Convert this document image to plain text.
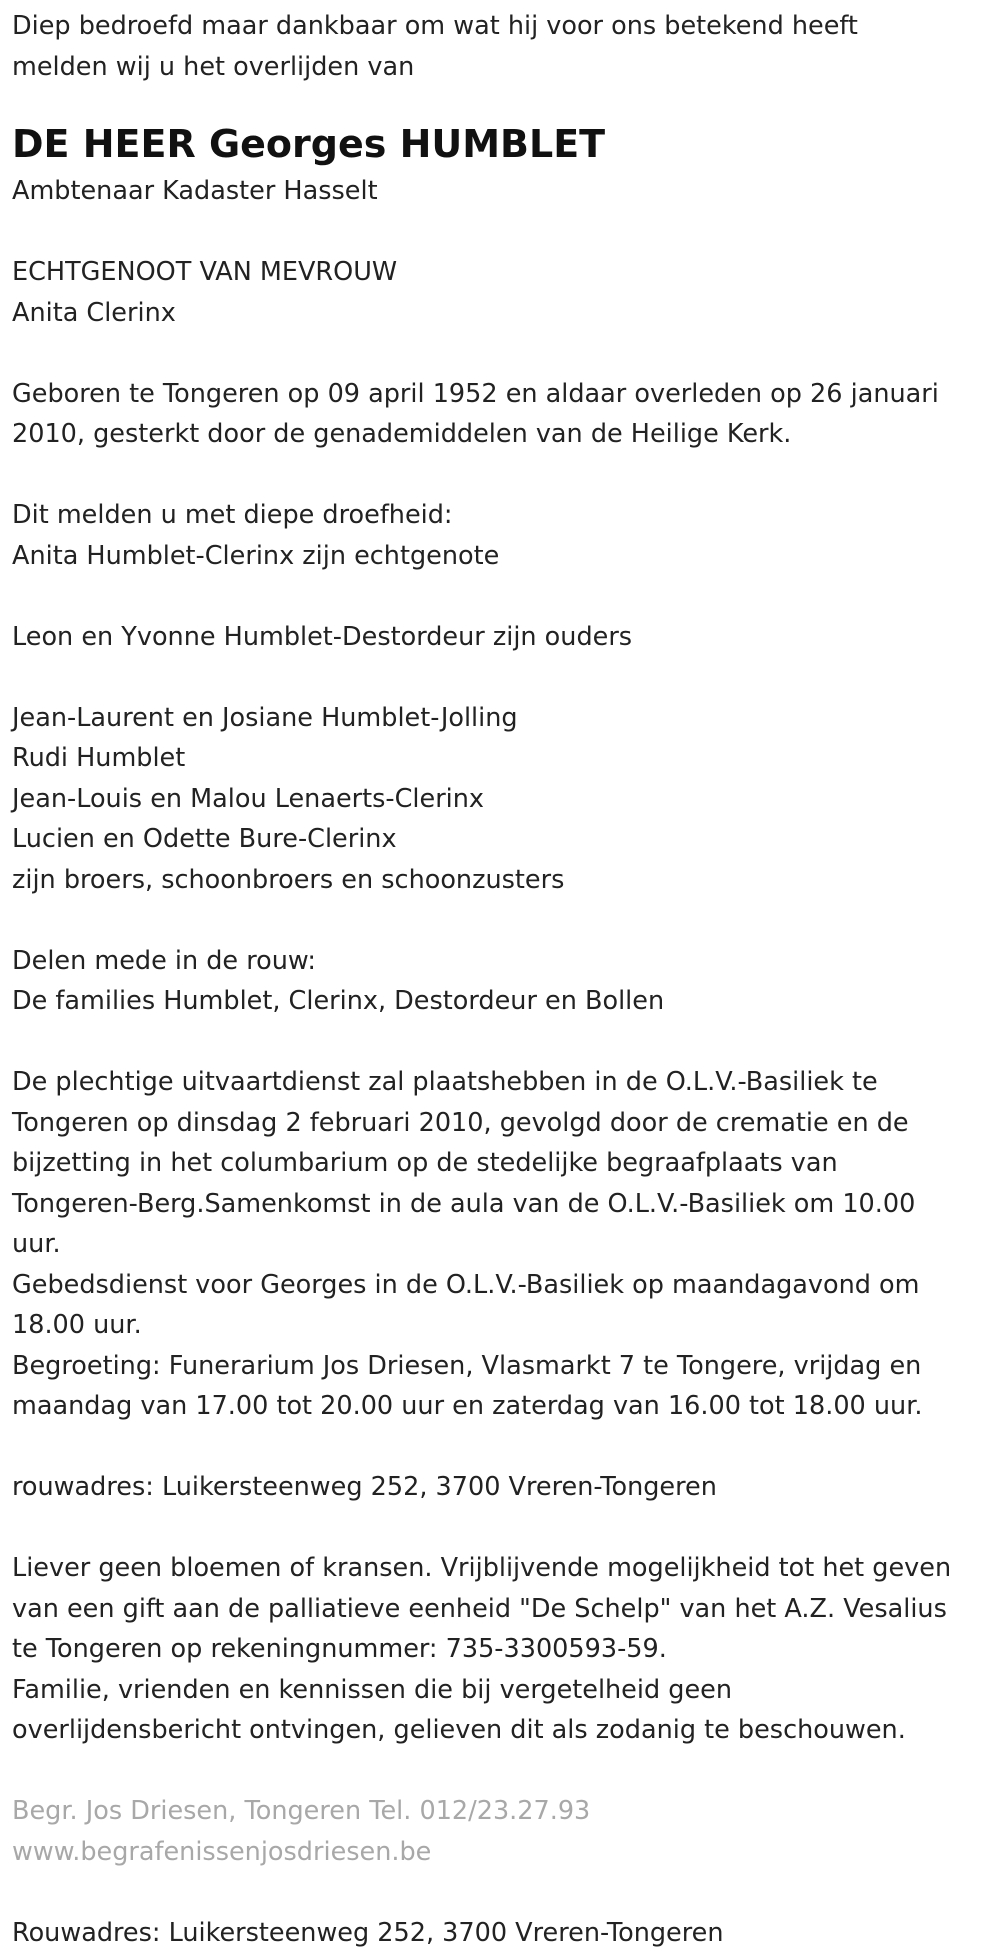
Diep bedroefd maar dankbaar om wat hij voor ons betekend heeft
melden wij u het overlijden van

DE HEER Georges HUMBLET

Ambtenaar Kadaster Hasselt

ECHTGENOOT VAN MEVROUW

Anita Clerinx

Geboren te Tongeren op 09 april 1952 en aldaar overleden op 26 januari
2010, gesterkt door de genademiddelen van de Heilige Kerk.

Dit melden u met diepe droefheid:

Anita Humblet-Clerinx zijn echtgenote

Leon en Yvonne Humblet-Destordeur zijn ouders

Jean-Laurent en Josiane Humblet-Jolling

Rudi Humblet

Jean-Louis en Malou Lenaerts-Clerinx

Lucien en Odette Bure-Clerinx

zijn broers, schoonbroers en schoonzusters

Delen mede in de rouw:

De families Humblet, Clerinx, Destordeur en Bollen

De plechtige uitvaartdienst zal plaatshebben in de O.L.V.-Basiliek te
Tongeren op dinsdag 2 februari 2010, gevolgd door de crematie en de
bijzetting in het columbarium op de stedelijke begraafplaats van
Tongeren-Berg.Samenkomst in de aula van de O.L.V.-Basiliek om 10.00
uur.

Gebedsdienst voor Georges in de O.L.V.-Basiliek op maandagavond om
18.00 uur.

Begroeting: Funerarium Jos Driesen, Vlasmarkt 7 te Tongere, vrijdag en
maandag van 17.00 tot 20.00 uur en zaterdag van 16.00 tot 18.00 uur.

rouwadres: Luikersteenweg 252, 3700 Vreren-Tongeren

Liever geen bloemen of kransen. Vrijblijvende mogelijkheid tot het geven
van een gift aan de palliatieve eenheid "De Schelp" van het A.Z. Vesalius
te Tongeren op rekeningnummer: 735-3300593-59.

Familie, vrienden en kennissen die bij vergetelheid geen
overlijdensbericht ontvingen, gelieven dit als zodanig te beschouwen.

Begr. Jos Driesen, Tongeren Tel. 012/23.27.93

www.begrafenissenjosdriesen.be

Rouwadres: Luikersteenweg 252, 3700 Vreren-Tongeren
